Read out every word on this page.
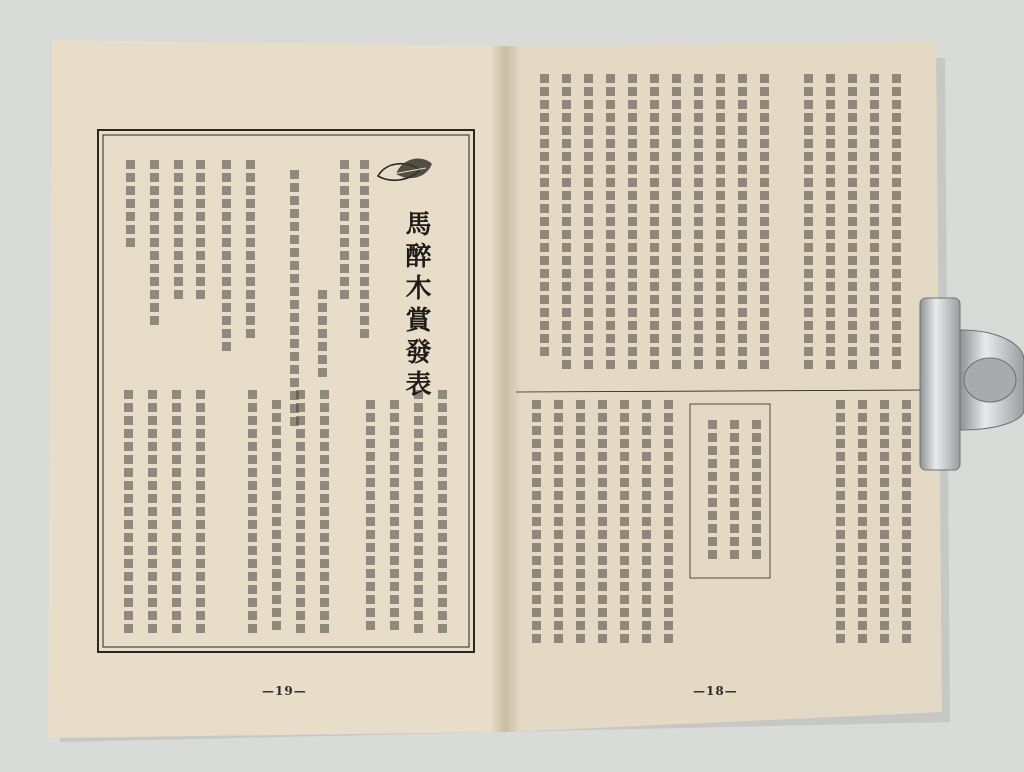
馬醉木賞發表
—19—	—18—
